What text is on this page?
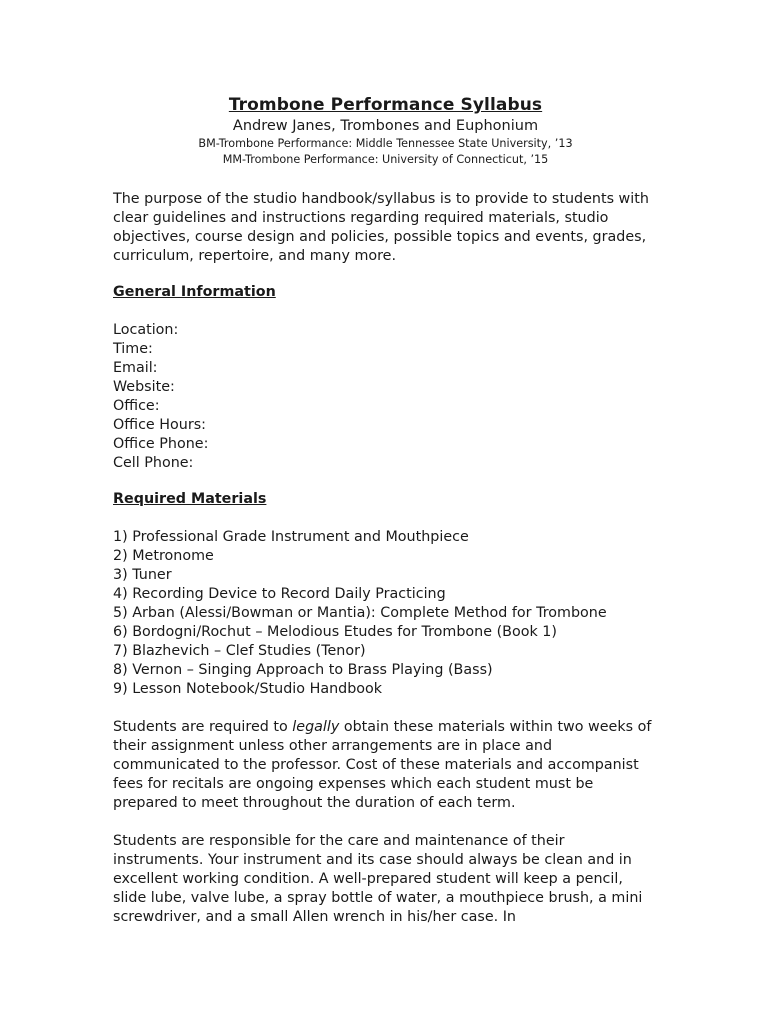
Trombone Performance Syllabus

Andrew Janes, Trombones and Euphonium

BM-Trombone Performance: Middle Tennessee State University, ’13

MM-Trombone Performance: University of Connecticut, ’15

The purpose of the studio handbook/syllabus is to provide to students with clear guidelines and instructions regarding required materials, studio objectives, course design and policies, possible topics and events, grades, curriculum, repertoire, and many more.

General Information
Location:
Time:
Email:
Website:
Office:
Office Hours:
Office Phone:
Cell Phone:
Required Materials
1) Professional Grade Instrument and Mouthpiece
2) Metronome
3) Tuner
4) Recording Device to Record Daily Practicing
5) Arban (Alessi/Bowman or Mantia): Complete Method for Trombone
6) Bordogni/Rochut – Melodious Etudes for Trombone (Book 1)
7) Blazhevich – Clef Studies (Tenor)
8) Vernon – Singing Approach to Brass Playing (Bass)
9) Lesson Notebook/Studio Handbook

Students are required to legally obtain these materials within two weeks of their assignment unless other arrangements are in place and communicated to the professor. Cost of these materials and accompanist fees for recitals are ongoing expenses which each student must be prepared to meet throughout the duration of each term.

Students are responsible for the care and maintenance of their instruments. Your instrument and its case should always be clean and in excellent working condition. A well-prepared student will keep a pencil, slide lube, valve lube, a spray bottle of water, a mouthpiece brush, a mini screwdriver, and a small Allen wrench in his/her case. In
